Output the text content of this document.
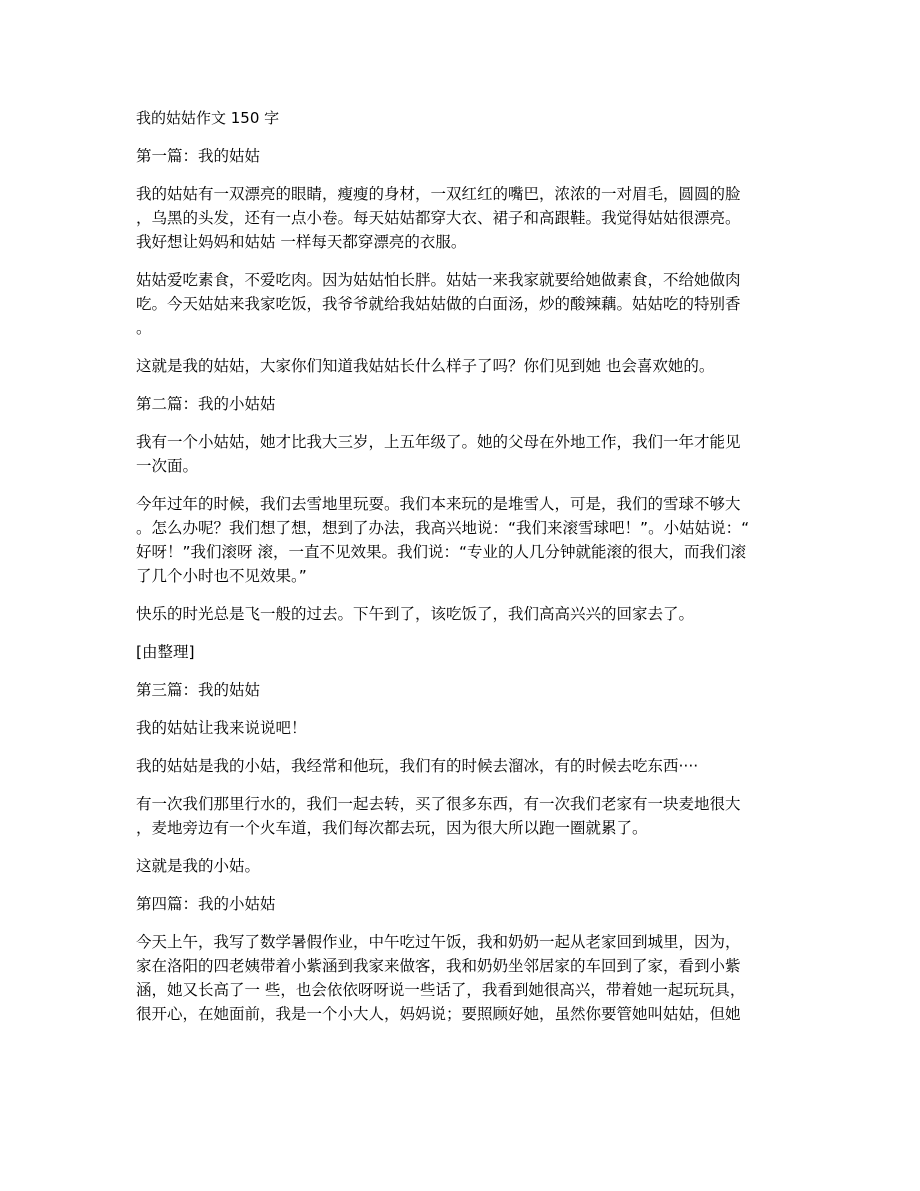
我的姑姑作文 150 字
第一篇：我的姑姑
我的姑姑有一双漂亮的眼睛，瘦瘦的身材，一双红红的嘴巴，浓浓的一对眉毛，圆圆的脸
，乌黑的头发，还有一点小卷。每天姑姑都穿大衣、裙子和高跟鞋。我觉得姑姑很漂亮。
我好想让妈妈和姑姑 一样每天都穿漂亮的衣服。
姑姑爱吃素食，不爱吃肉。因为姑姑怕长胖。姑姑一来我家就要给她做素食，不给她做肉
吃。今天姑姑来我家吃饭，我爷爷就给我姑姑做的白面汤，炒的酸辣藕。姑姑吃的特别香
。
这就是我的姑姑，大家你们知道我姑姑长什么样子了吗？你们见到她 也会喜欢她的。
第二篇：我的小姑姑
我有一个小姑姑，她才比我大三岁，上五年级了。她的父母在外地工作，我们一年才能见
一次面。
今年过年的时候，我们去雪地里玩耍。我们本来玩的是堆雪人，可是，我们的雪球不够大
。怎么办呢？我们想了想，想到了办法，我高兴地说：“我们来滚雪球吧！”。小姑姑说：“
好呀！”我们滚呀 滚，一直不见效果。我们说：“专业的人几分钟就能滚的很大，而我们滚
了几个小时也不见效果。”
快乐的时光总是飞一般的过去。下午到了，该吃饭了，我们高高兴兴的回家去了。
[由整理]
第三篇：我的姑姑
我的姑姑让我来说说吧！
我的姑姑是我的小姑，我经常和他玩，我们有的时候去溜冰，有的时候去吃东西····
有一次我们那里行水的，我们一起去转，买了很多东西，有一次我们老家有一块麦地很大
，麦地旁边有一个火车道，我们每次都去玩，因为很大所以跑一圈就累了。
这就是我的小姑。
第四篇：我的小姑姑
今天上午，我写了数学暑假作业，中午吃过午饭，我和奶奶一起从老家回到城里，因为，
家在洛阳的四老姨带着小紫涵到我家来做客，我和奶奶坐邻居家的车回到了家，看到小紫
涵，她又长高了一 些，也会依依呀呀说一些话了，我看到她很高兴，带着她一起玩玩具，
很开心，在她面前，我是一个小大人，妈妈说；要照顾好她，虽然你要管她叫姑姑，但她
